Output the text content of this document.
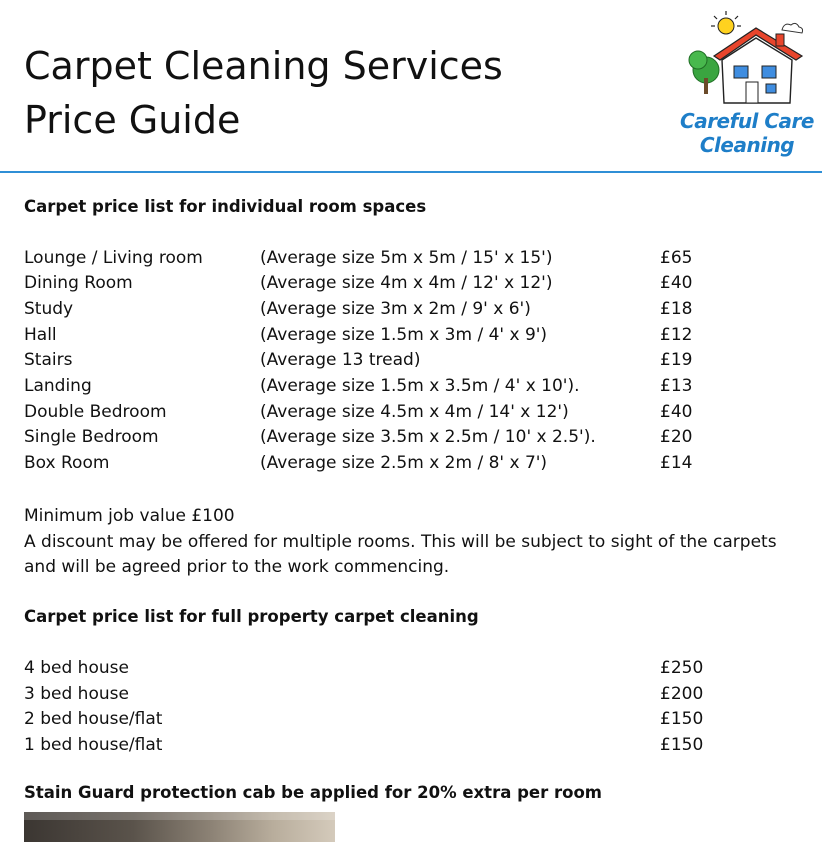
Carpet Cleaning Services
Price Guide	Careful Care
Cleaning
Carpet price list for individual room spaces
Lounge / Living room	(Average size 5m x 5m / 15' x 15')	£65
Dining Room	(Average size 4m x 4m / 12' x 12')	£40
Study	(Average size 3m x 2m / 9' x 6')	£18
Hall	(Average size 1.5m x 3m / 4' x 9')	£12
Stairs	(Average 13 tread)	£19
Landing	(Average size 1.5m x 3.5m / 4' x 10').	£13
Double Bedroom	(Average size 4.5m x 4m / 14' x 12')	£40
Single Bedroom	(Average size 3.5m x 2.5m / 10' x 2.5').	£20
Box Room	(Average size 2.5m x 2m / 8' x 7')	£14
Minimum job value £100
A discount may be offered for multiple rooms. This will be subject to sight of the carpets and will be agreed prior to the work commencing.
Carpet price list for full property carpet cleaning
4 bed house	£250
3 bed house	£200
2 bed house/flat	£150
1 bed house/flat	£150
Stain Guard protection cab be applied for 20% extra per room
